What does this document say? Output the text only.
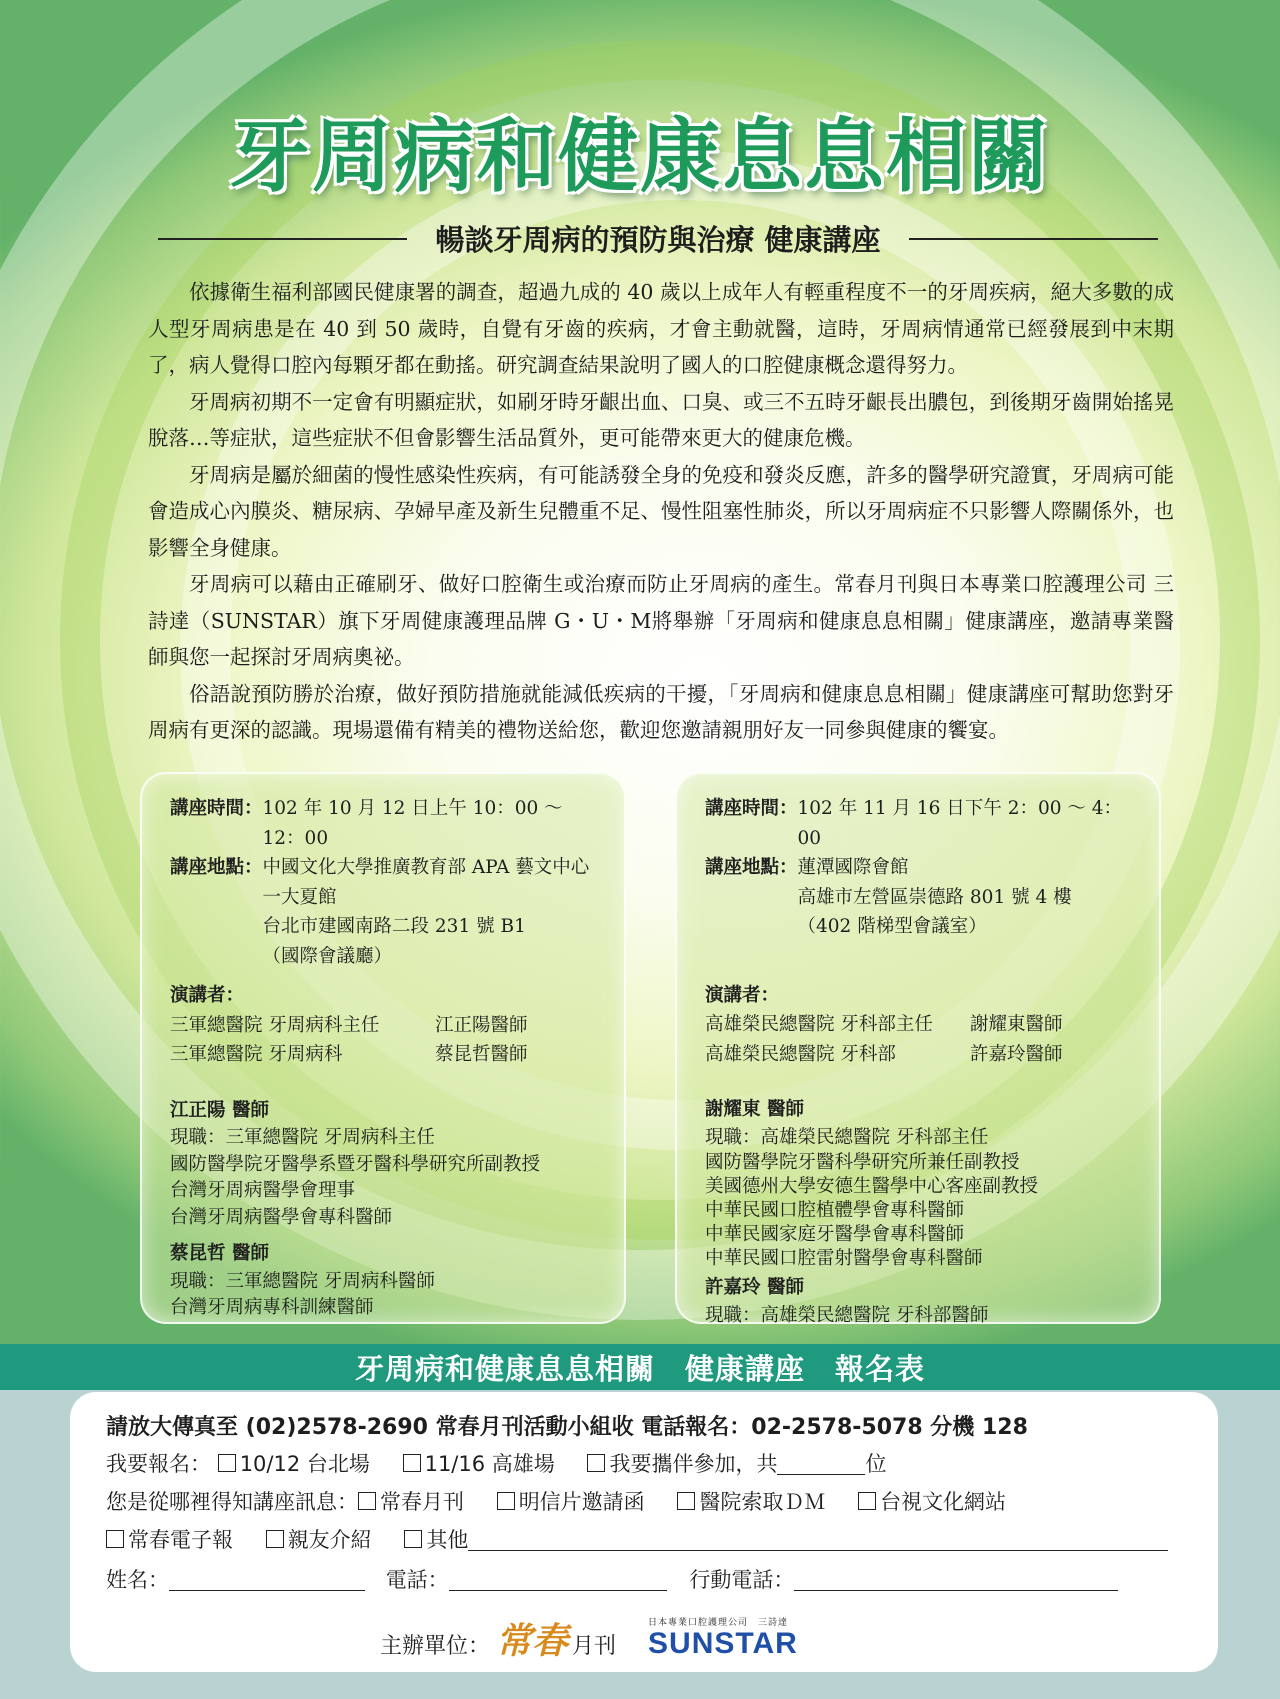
牙周病和健康息息相關
暢談牙周病的預防與治療 健康講座

依據衛生福利部國民健康署的調查，超過九成的 40 歲以上成年人有輕重程度不一的牙周疾病，絕大多數的成人型牙周病患是在 40 到 50 歲時，自覺有牙齒的疾病，才會主動就醫，這時，牙周病情通常已經發展到中末期了，病人覺得口腔內每顆牙都在動搖。研究調查結果說明了國人的口腔健康概念還得努力。

牙周病初期不一定會有明顯症狀，如刷牙時牙齦出血、口臭、或三不五時牙齦長出膿包，到後期牙齒開始搖晃脫落…等症狀，這些症狀不但會影響生活品質外，更可能帶來更大的健康危機。

牙周病是屬於細菌的慢性感染性疾病，有可能誘發全身的免疫和發炎反應，許多的醫學研究證實，牙周病可能會造成心內膜炎、糖尿病、孕婦早產及新生兒體重不足、慢性阻塞性肺炎，所以牙周病症不只影響人際關係外，也影響全身健康。

牙周病可以藉由正確刷牙、做好口腔衛生或治療而防止牙周病的產生。常春月刊與日本專業口腔護理公司 三詩達（SUNSTAR）旗下牙周健康護理品牌 G・U・M將舉辦「牙周病和健康息息相關」健康講座，邀請專業醫師與您一起探討牙周病奧祕。

俗語說預防勝於治療，做好預防措施就能減低疾病的干擾，「牙周病和健康息息相關」健康講座可幫助您對牙周病有更深的認識。現場還備有精美的禮物送給您，歡迎您邀請親朋好友一同參與健康的饗宴。

講座時間： 102 年 10 月 12 日上午 10：00 ～ 12：00
講座地點： 中國文化大學推廣教育部 APA 藝文中心
一大夏館
台北市建國南路二段 231 號 B1
（國際會議廳）
演講者：
三軍總醫院 牙周病科主任	江正陽醫師
三軍總醫院 牙周病科	蔡昆哲醫師
江正陽 醫師
現職：三軍總醫院 牙周病科主任
國防醫學院牙醫學系暨牙醫科學研究所副教授
台灣牙周病醫學會理事
台灣牙周病醫學會專科醫師
蔡昆哲 醫師
現職：三軍總醫院 牙周病科醫師
台灣牙周病專科訓練醫師
講座時間： 102 年 11 月 16 日下午 2：00 ～ 4：00
講座地點： 蓮潭國際會館
高雄市左營區崇德路 801 號 4 樓
（402 階梯型會議室）
演講者：
高雄榮民總醫院 牙科部主任	謝耀東醫師
高雄榮民總醫院 牙科部	許嘉玲醫師
謝耀東 醫師
現職：高雄榮民總醫院 牙科部主任
國防醫學院牙醫科學研究所兼任副教授
美國德州大學安德生醫學中心客座副教授
中華民國口腔植體學會專科醫師
中華民國家庭牙醫學會專科醫師
中華民國口腔雷射醫學會專科醫師
許嘉玲 醫師
現職：高雄榮民總醫院 牙科部醫師
牙周病和健康息息相關　健康講座　報名表
請放大傳真至 (02)2578-2690 常春月刊活動小組收 電話報名：02-2578-5078 分機 128
我要報名： 10/12 台北場	11/16 高雄場	我要攜伴參加，共	位
您是從哪裡得知講座訊息： 常春月刊	明信片邀請函	醫院索取ＤＭ	台視文化網站
常春電子報	親友介紹	其他
姓名：	電話：	行動電話：
主辦單位： 常春 月刊
日本專業口腔護理公司　三詩達
SUNSTAR
